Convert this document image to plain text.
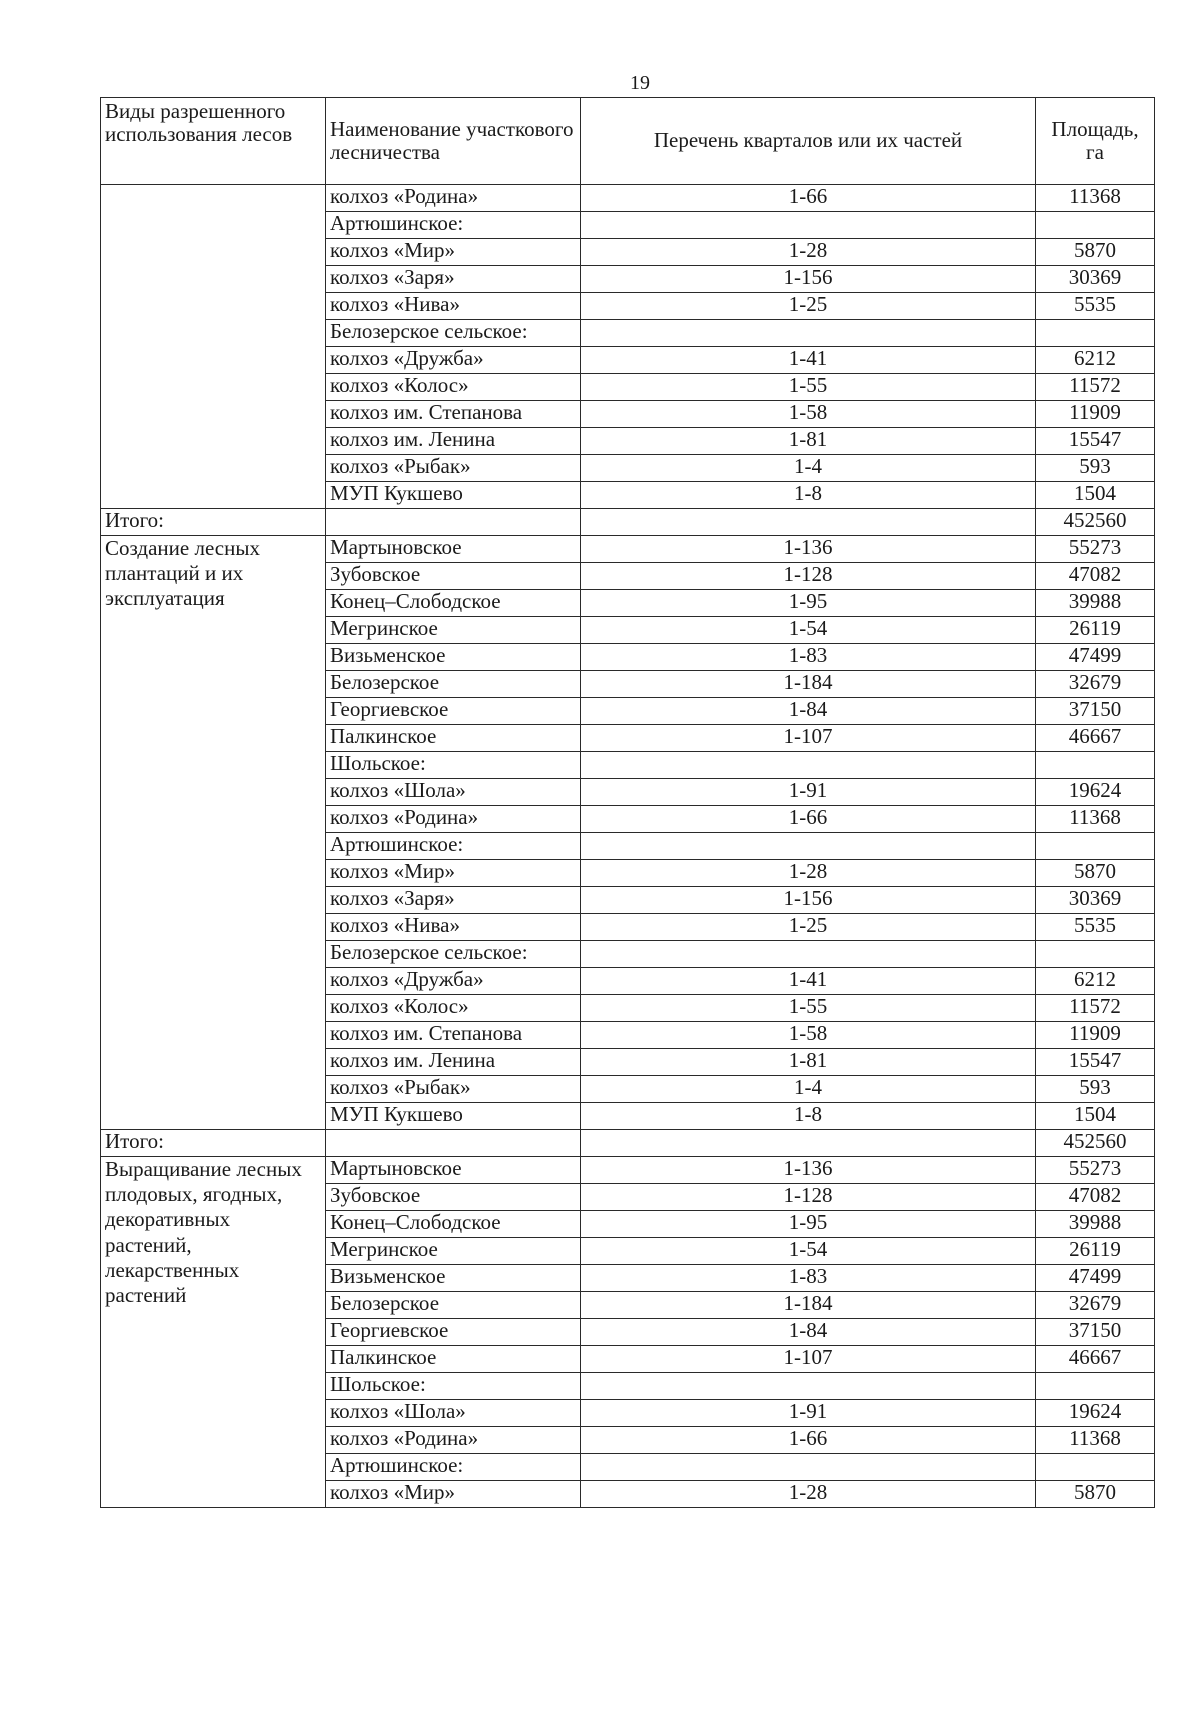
19
Виды разрешенного использования лесов	Наименование участкового лесничества	Перечень кварталов или их частей	Площадь, га
	колхоз «Родина»	1-66	11368
	Артюшинское:		
	колхоз «Мир»	1-28	5870
	колхоз «Заря»	1-156	30369
	колхоз «Нива»	1-25	5535
	Белозерское сельское:		
	колхоз «Дружба»	1-41	6212
	колхоз «Колос»	1-55	11572
	колхоз им. Степанова	1-58	11909
	колхоз им. Ленина	1-81	15547
	колхоз «Рыбак»	1-4	593
	МУП Кукшево	1-8	1504
Итого:			452560
Создание лесных плантаций и их эксплуатация	Мартыновское	1-136	55273
	Зубовское	1-128	47082
	Конец–Слободское	1-95	39988
	Мегринское	1-54	26119
	Визьменское	1-83	47499
	Белозерское	1-184	32679
	Георгиевское	1-84	37150
	Палкинское	1-107	46667
	Шольское:		
	колхоз «Шола»	1-91	19624
	колхоз «Родина»	1-66	11368
	Артюшинское:		
	колхоз «Мир»	1-28	5870
	колхоз «Заря»	1-156	30369
	колхоз «Нива»	1-25	5535
	Белозерское сельское:		
	колхоз «Дружба»	1-41	6212
	колхоз «Колос»	1-55	11572
	колхоз им. Степанова	1-58	11909
	колхоз им. Ленина	1-81	15547
	колхоз «Рыбак»	1-4	593
	МУП Кукшево	1-8	1504
Итого:			452560
Выращивание лесных плодовых, ягодных, декоративных растений, лекарственных растений	Мартыновское	1-136	55273
	Зубовское	1-128	47082
	Конец–Слободское	1-95	39988
	Мегринское	1-54	26119
	Визьменское	1-83	47499
	Белозерское	1-184	32679
	Георгиевское	1-84	37150
	Палкинское	1-107	46667
	Шольское:		
	колхоз «Шола»	1-91	19624
	колхоз «Родина»	1-66	11368
	Артюшинское:		
	колхоз «Мир»	1-28	5870
